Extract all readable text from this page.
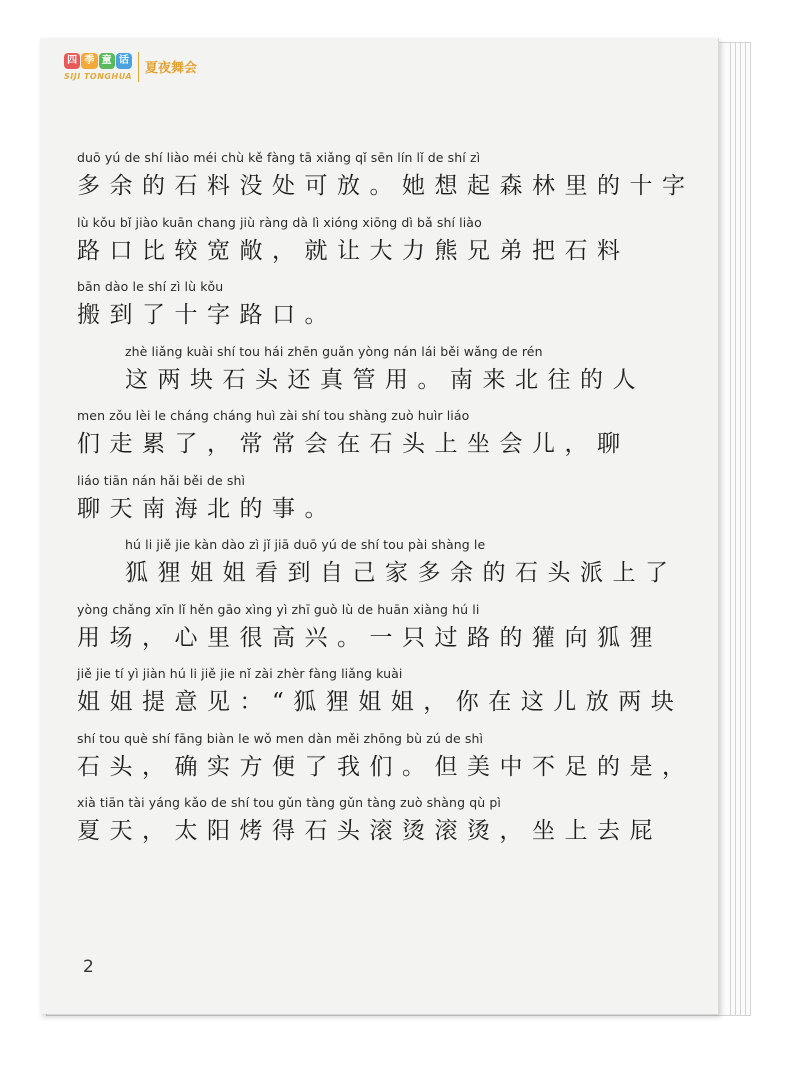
四 季 童 话
SIJI TONGHUA
夏夜舞会
duō yú de shí liào méi chù kě fàng tā xiǎng qǐ sēn lín lǐ de shí zì
多余的石料没处可放。她想起森林里的十字
lù kǒu bǐ jiào kuān chang jiù ràng dà lì xióng xiōng dì bǎ shí liào
路口比较宽敞，就让大力熊兄弟把石料
bān dào le shí zì lù kǒu
搬到了十字路口。
zhè liǎng kuài shí tou hái zhēn guǎn yòng nán lái běi wǎng de rén
这两块石头还真管用。南来北往的人
men zǒu lèi le cháng cháng huì zài shí tou shàng zuò huìr liáo
们走累了，常常会在石头上坐会儿，聊
liáo tiān nán hǎi běi de shì
聊天南海北的事。
hú li jiě jie kàn dào zì jǐ jiā duō yú de shí tou pài shàng le
狐狸姐姐看到自己家多余的石头派上了
yòng chǎng xīn lǐ hěn gāo xìng yì zhī guò lù de huān xiàng hú li
用场，心里很高兴。一只过路的獾向狐狸
jiě jie tí yì jiàn hú li jiě jie nǐ zài zhèr fàng liǎng kuài
姐姐提意见：“狐狸姐姐，你在这儿放两块
shí tou què shí fāng biàn le wǒ men dàn měi zhōng bù zú de shì
石头，确实方便了我们。但美中不足的是，
xià tiān tài yáng kǎo de shí tou gǔn tàng gǔn tàng zuò shàng qù pì
夏天，太阳烤得石头滚烫滚烫，坐上去屁
2
